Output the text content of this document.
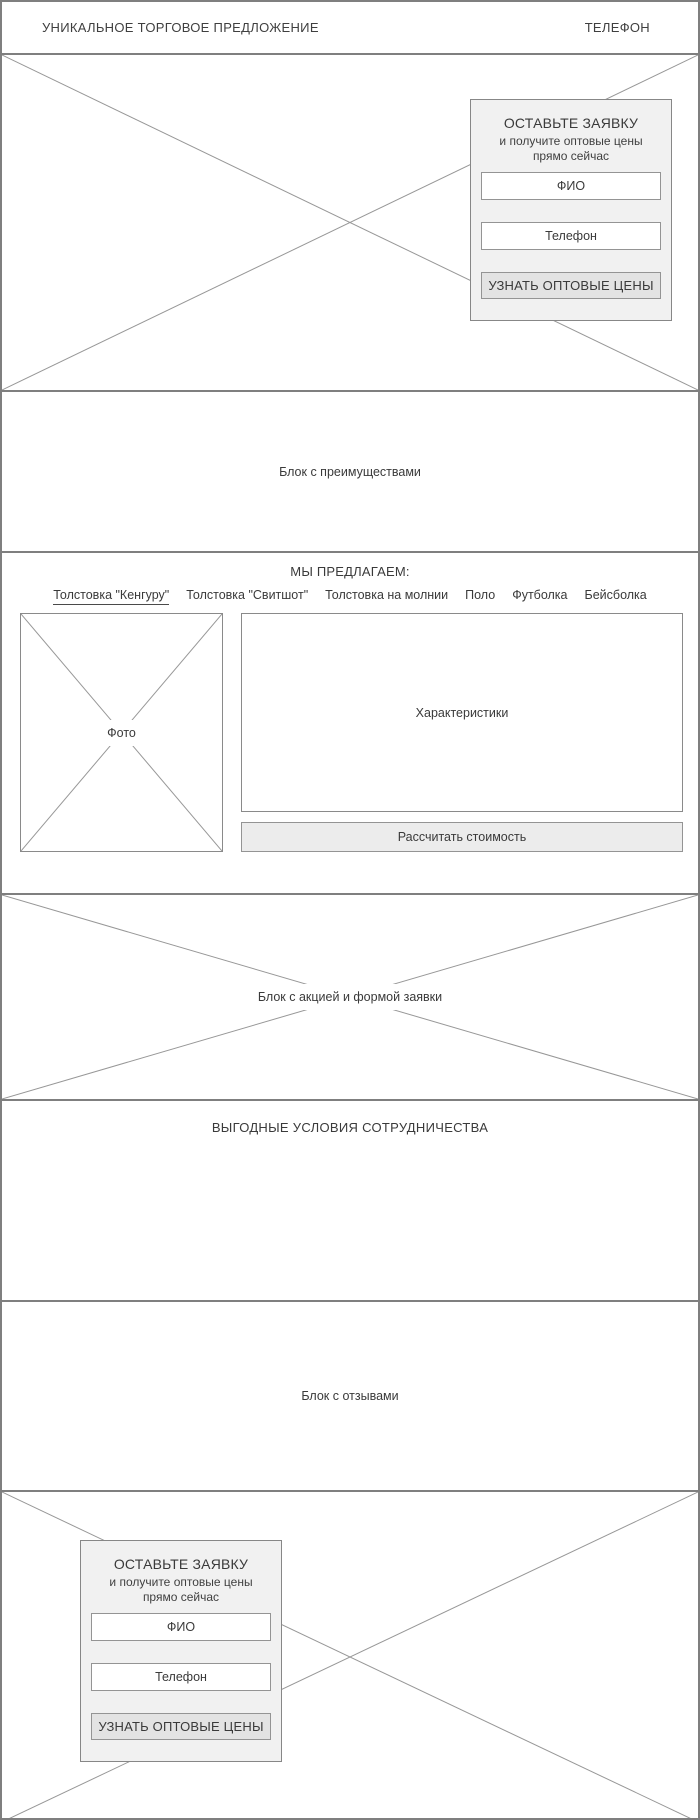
УНИКАЛЬНОЕ ТОРГОВОЕ ПРЕДЛОЖЕНИЕ	ТЕЛЕФОН
ОСТАВЬТЕ ЗАЯВКУ
и получите оптовые цены
прямо сейчас
ФИО
Телефон
УЗНАТЬ ОПТОВЫЕ ЦЕНЫ
Блок с преимуществами
МЫ ПРЕДЛАГАЕМ:
Толстовка "Кенгуру" Толстовка "Свитшот" Толстовка на молнии Поло Футболка Бейсболка
Фото
Характеристики
Рассчитать стоимость
Блок с акцией и формой заявки
ВЫГОДНЫЕ УСЛОВИЯ СОТРУДНИЧЕСТВА
Блок с отзывами
ОСТАВЬТЕ ЗАЯВКУ
и получите оптовые цены
прямо сейчас
ФИО
Телефон
УЗНАТЬ ОПТОВЫЕ ЦЕНЫ
